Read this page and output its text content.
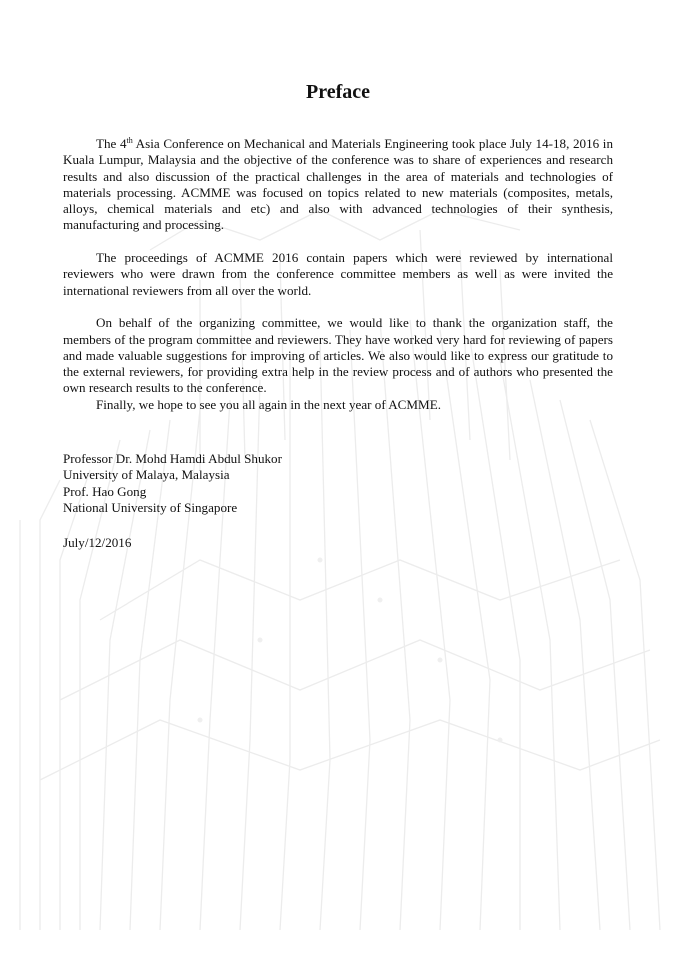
Preface

The 4th Asia Conference on Mechanical and Materials Engineering took place July 14-18, 2016 in Kuala Lumpur, Malaysia and the objective of the conference was to share of experiences and research results and also discussion of the practical challenges in the area of materials and technologies of materials processing. ACMME was focused on topics related to new materials (composites, metals, alloys, chemical materials and etc) and also with advanced technologies of their synthesis, manufacturing and processing.

The proceedings of ACMME 2016 contain papers which were reviewed by international reviewers who were drawn from the conference committee members as well as were invited the international reviewers from all over the world.

On behalf of the organizing committee, we would like to thank the organization staff, the members of the program committee and reviewers. They have worked very hard for reviewing of papers and made valuable suggestions for improving of articles. We also would like to express our gratitude to the external reviewers, for providing extra help in the review process and of authors who presented the own research results to the conference.

Finally, we hope to see you all again in the next year of ACMME.

Professor Dr. Mohd Hamdi Abdul Shukor
University of Malaya, Malaysia
Prof. Hao Gong
National University of Singapore
July/12/2016
